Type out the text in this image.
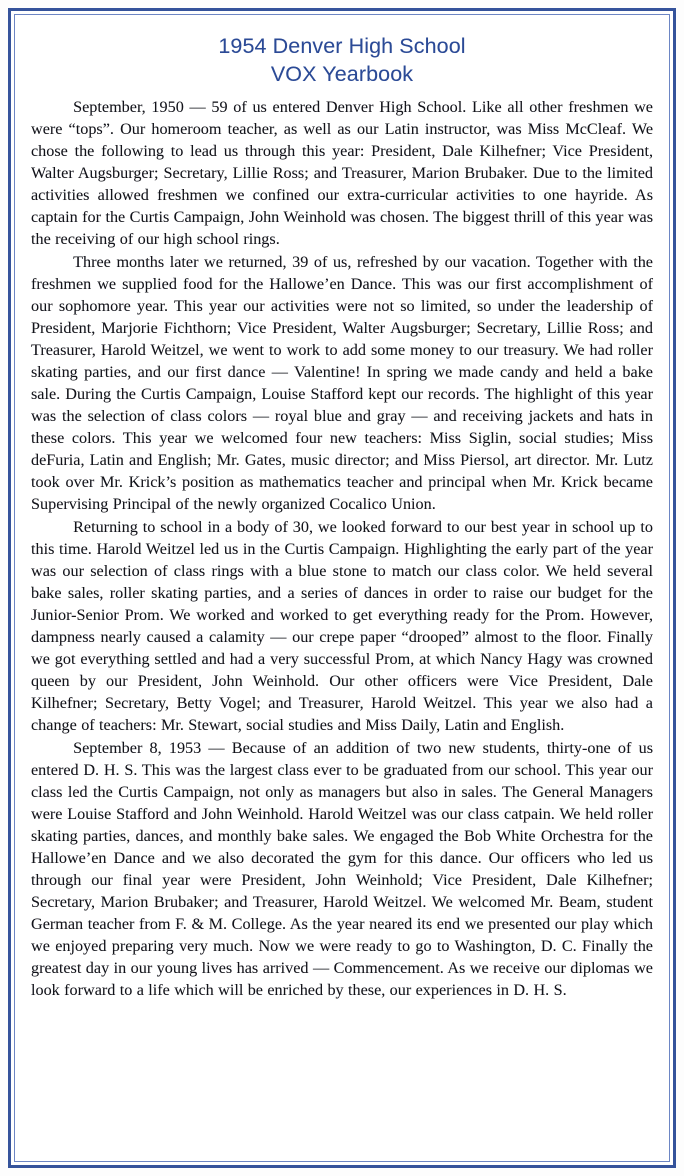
1954 Denver High School
VOX Yearbook

September, 1950 — 59 of us entered Denver High School. Like all other freshmen we were “tops”. Our homeroom teacher, as well as our Latin instructor, was Miss McCleaf. We chose the following to lead us through this year: President, Dale Kilhefner; Vice President, Walter Augsburger; Secretary, Lillie Ross; and Treasurer, Marion Brubaker. Due to the limited activities allowed freshmen we confined our extra-curricular activities to one hayride. As captain for the Curtis Campaign, John Weinhold was chosen. The biggest thrill of this year was the receiving of our high school rings.

Three months later we returned, 39 of us, refreshed by our vacation. Together with the freshmen we supplied food for the Hallowe’en Dance. This was our first accomplishment of our sophomore year. This year our activities were not so limited, so under the leadership of President, Marjorie Fichthorn; Vice President, Walter Augsburger; Secretary, Lillie Ross; and Treasurer, Harold Weitzel, we went to work to add some money to our treasury. We had roller skating parties, and our first dance — Valentine! In spring we made candy and held a bake sale. During the Curtis Campaign, Louise Stafford kept our records. The highlight of this year was the selection of class colors — royal blue and gray — and receiving jackets and hats in these colors. This year we welcomed four new teachers: Miss Siglin, social studies; Miss deFuria, Latin and English; Mr. Gates, music director; and Miss Piersol, art director. Mr. Lutz took over Mr. Krick’s position as mathematics teacher and principal when Mr. Krick became Supervising Principal of the newly organized Cocalico Union.

Returning to school in a body of 30, we looked forward to our best year in school up to this time. Harold Weitzel led us in the Curtis Campaign. Highlighting the early part of the year was our selection of class rings with a blue stone to match our class color. We held several bake sales, roller skating parties, and a series of dances in order to raise our budget for the Junior-Senior Prom. We worked and worked to get everything ready for the Prom. However, dampness nearly caused a calamity — our crepe paper “drooped” almost to the floor. Finally we got everything settled and had a very successful Prom, at which Nancy Hagy was crowned queen by our President, John Weinhold. Our other officers were Vice President, Dale Kilhefner; Secretary, Betty Vogel; and Treasurer, Harold Weitzel. This year we also had a change of teachers: Mr. Stewart, social studies and Miss Daily, Latin and English.

September 8, 1953 — Because of an addition of two new students, thirty-one of us entered D. H. S. This was the largest class ever to be graduated from our school. This year our class led the Curtis Campaign, not only as managers but also in sales. The General Managers were Louise Stafford and John Weinhold. Harold Weitzel was our class catpain. We held roller skating parties, dances, and monthly bake sales. We engaged the Bob White Orchestra for the Hallowe’en Dance and we also decorated the gym for this dance. Our officers who led us through our final year were President, John Weinhold; Vice President, Dale Kilhefner; Secretary, Marion Brubaker; and Treasurer, Harold Weitzel. We welcomed Mr. Beam, student German teacher from F. & M. College. As the year neared its end we presented our play which we enjoyed preparing very much. Now we were ready to go to Washington, D. C. Finally the greatest day in our young lives has arrived — Commencement. As we receive our diplomas we look forward to a life which will be enriched by these, our experiences in D. H. S.
